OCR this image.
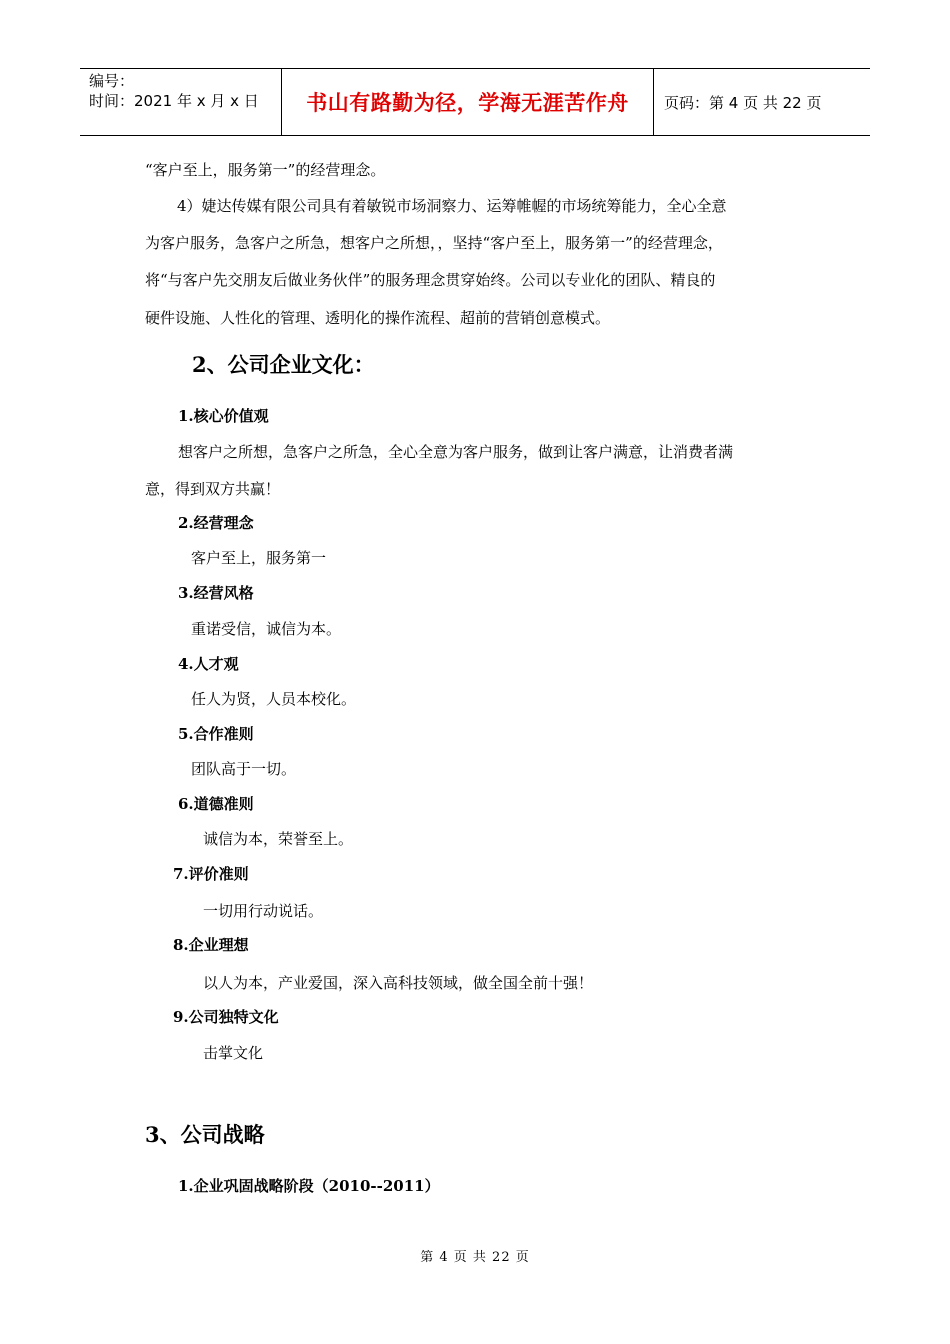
编号：
时间：2021 年 x 月 x 日	书山有路勤为径，学海无涯苦作舟 页码：第 4 页 共 22 页
“客户至上，服务第一”的经营理念。
4）婕达传媒有限公司具有着敏锐市场洞察力、运筹帷幄的市场统筹能力，全心全意
为客户服务，急客户之所急，想客户之所想，，坚持“客户至上，服务第一”的经营理念，
将“与客户先交朋友后做业务伙伴”的服务理念贯穿始终。公司以专业化的团队、精良的
硬件设施、人性化的管理、透明化的操作流程、超前的营销创意模式。
2、公司企业文化：
1.核心价值观
想客户之所想，急客户之所急，全心全意为客户服务，做到让客户满意，让消费者满
意，得到双方共赢！
2.经营理念
客户至上，服务第一
3.经营风格
重诺受信，诚信为本。
4.人才观
任人为贤，人员本校化。
5.合作准则
团队高于一切。
6.道德准则
诚信为本，荣誉至上。
7.评价准则
一切用行动说话。
8.企业理想
以人为本，产业爱国，深入高科技领域，做全国全前十强！
9.公司独特文化
击掌文化
3、公司战略
1.企业巩固战略阶段（2010--2011）
第 4 页 共 22 页
